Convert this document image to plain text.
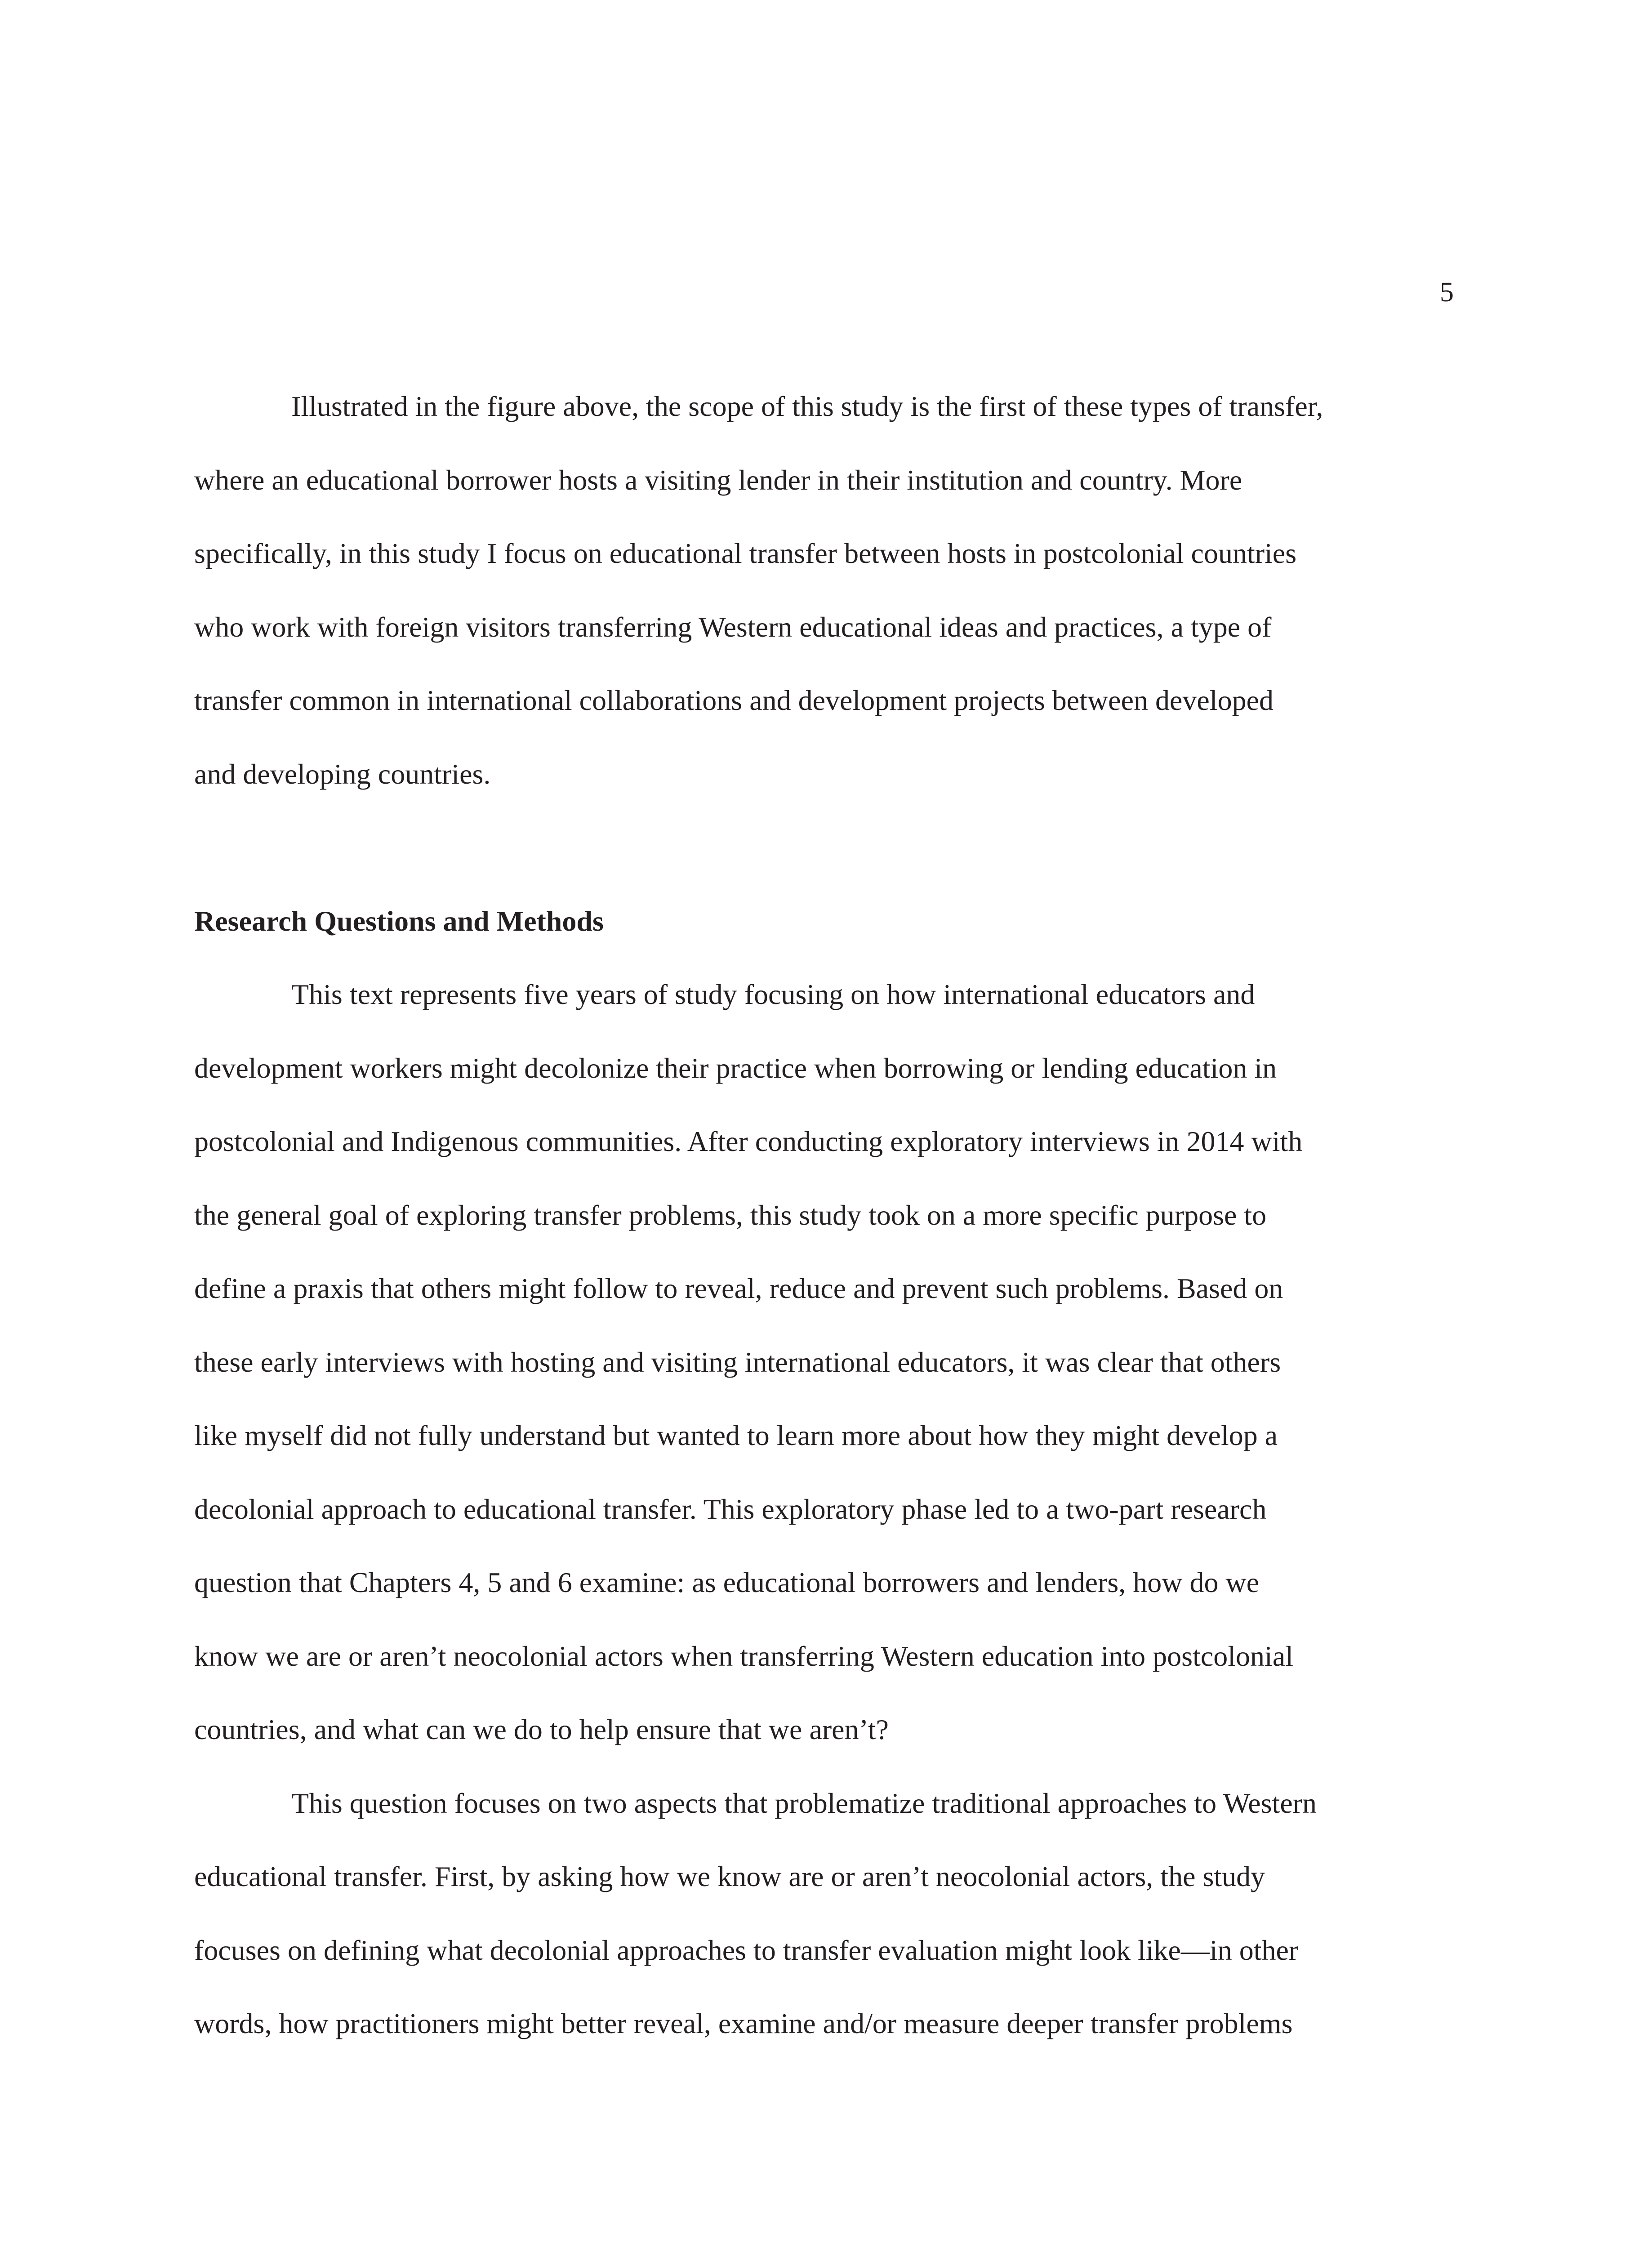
5

Illustrated in the figure above, the scope of this study is the first of these types of transfer,
where an educational borrower hosts a visiting lender in their institution and country. More
specifically, in this study I focus on educational transfer between hosts in postcolonial countries
who work with foreign visitors transferring Western educational ideas and practices, a type of
transfer common in international collaborations and development projects between developed
and developing countries.
Research Questions and Methods
This text represents five years of study focusing on how international educators and
development workers might decolonize their practice when borrowing or lending education in
postcolonial and Indigenous communities. After conducting exploratory interviews in 2014 with
the general goal of exploring transfer problems, this study took on a more specific purpose to
define a praxis that others might follow to reveal, reduce and prevent such problems. Based on
these early interviews with hosting and visiting international educators, it was clear that others
like myself did not fully understand but wanted to learn more about how they might develop a
decolonial approach to educational transfer. This exploratory phase led to a two-part research
question that Chapters 4, 5 and 6 examine: as educational borrowers and lenders, how do we
know we are or aren’t neocolonial actors when transferring Western education into postcolonial
countries, and what can we do to help ensure that we aren’t?
This question focuses on two aspects that problematize traditional approaches to Western
educational transfer. First, by asking how we know are or aren’t neocolonial actors, the study
focuses on defining what decolonial approaches to transfer evaluation might look like—in other
words, how practitioners might better reveal, examine and/or measure deeper transfer problems
